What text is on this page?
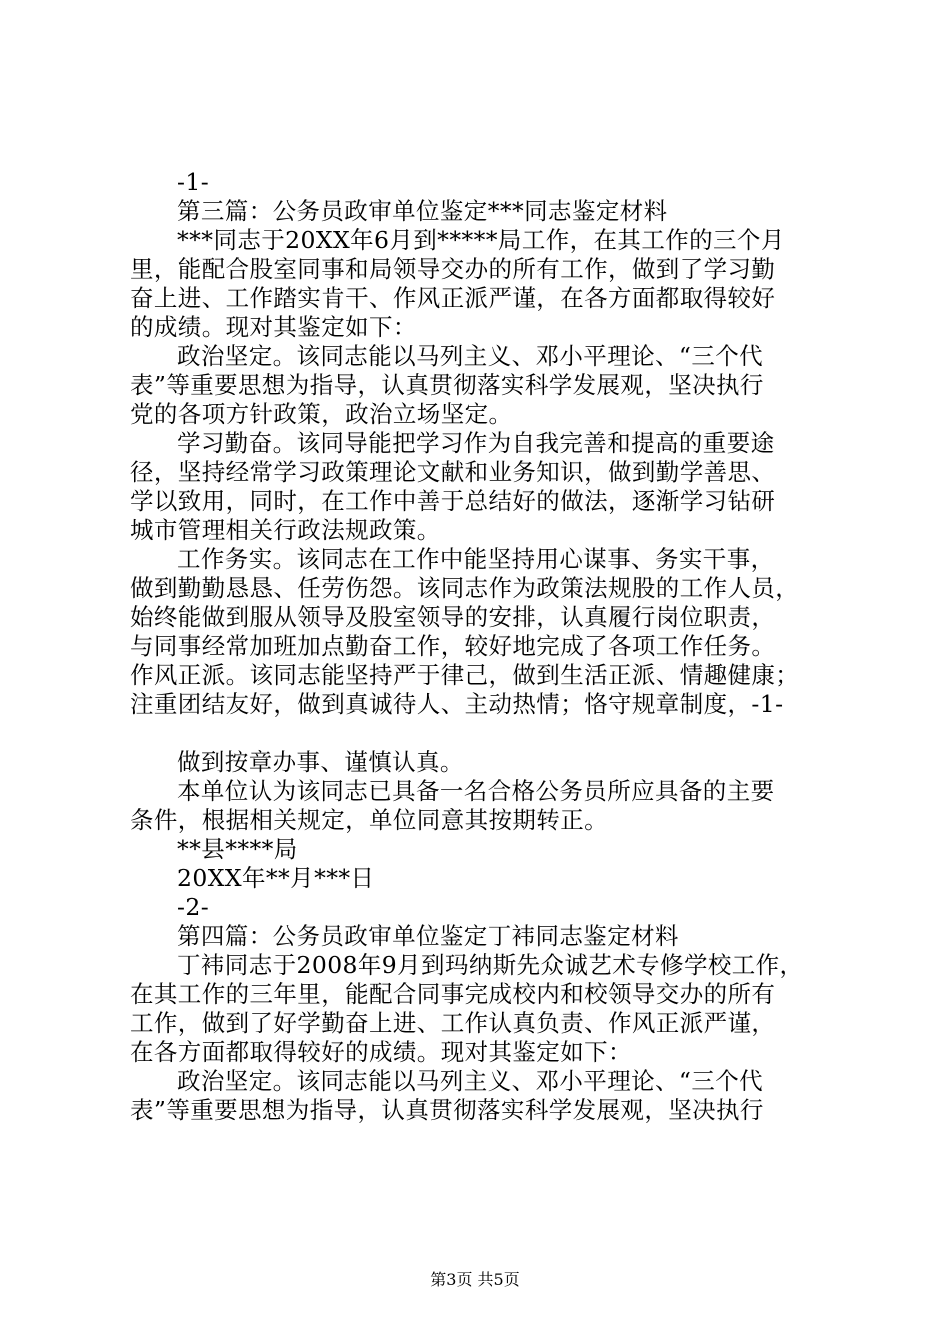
-1-
第三篇：公务员政审单位鉴定***同志鉴定材料
***同志于20XX年6月到*****局工作，在其工作的三个月
里，能配合股室同事和局领导交办的所有工作，做到了学习勤
奋上进、工作踏实肯干、作风正派严谨，在各方面都取得较好
的成绩。现对其鉴定如下：
政治坚定。该同志能以马列主义、邓小平理论、“三个代
表”等重要思想为指导，认真贯彻落实科学发展观，坚决执行
党的各项方针政策，政治立场坚定。
学习勤奋。该同导能把学习作为自我完善和提高的重要途
径，坚持经常学习政策理论文献和业务知识，做到勤学善思、
学以致用，同时，在工作中善于总结好的做法，逐渐学习钻研
城市管理相关行政法规政策。
工作务实。该同志在工作中能坚持用心谋事、务实干事，
做到勤勤恳恳、任劳伤怨。该同志作为政策法规股的工作人员，
始终能做到服从领导及股室领导的安排，认真履行岗位职责，
与同事经常加班加点勤奋工作，较好地完成了各项工作任务。
作风正派。该同志能坚持严于律己，做到生活正派、情趣健康；
注重团结友好，做到真诚待人、主动热情；恪守规章制度，-1-
做到按章办事、谨慎认真。
本单位认为该同志已具备一名合格公务员所应具备的主要
条件，根据相关规定，单位同意其按期转正。
**县****局
20XX年**月***日
-2-
第四篇：公务员政审单位鉴定丁袆同志鉴定材料
丁袆同志于2008年9月到玛纳斯先众诚艺术专修学校工作，
在其工作的三年里，能配合同事完成校内和校领导交办的所有
工作，做到了好学勤奋上进、工作认真负责、作风正派严谨，
在各方面都取得较好的成绩。现对其鉴定如下：
政治坚定。该同志能以马列主义、邓小平理论、“三个代
表”等重要思想为指导，认真贯彻落实科学发展观，坚决执行
第3页 共5页
